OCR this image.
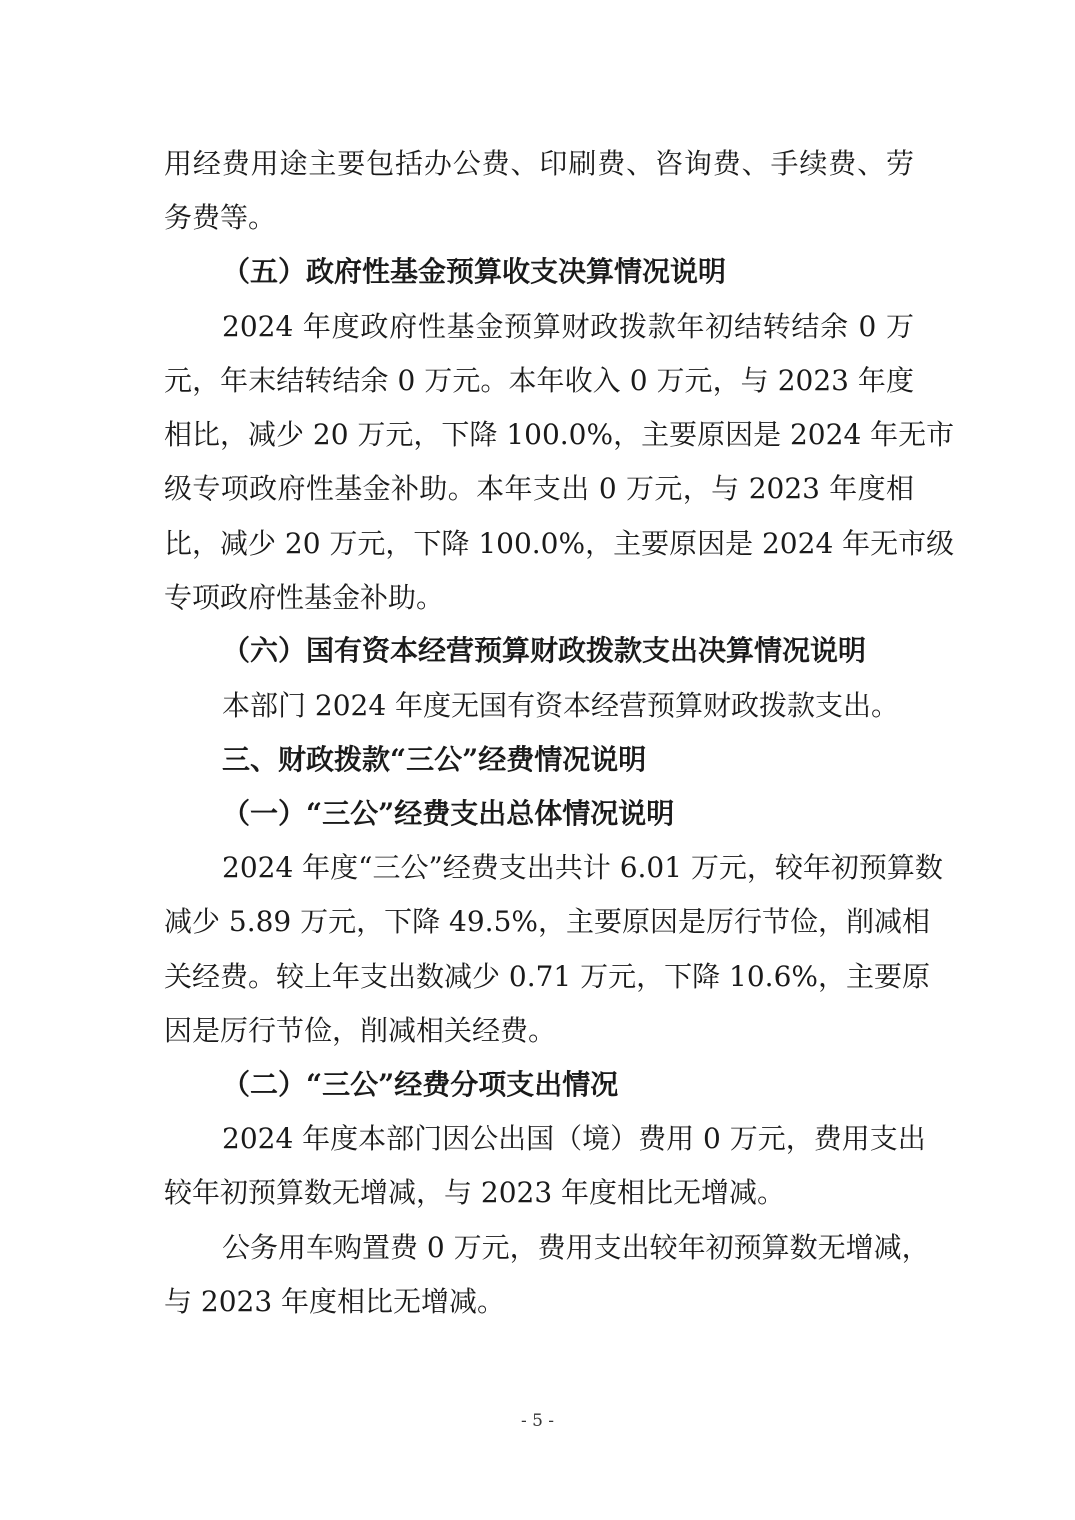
用经费用途主要包括办公费、印刷费、咨询费、手续费、劳
务费等。
（五）政府性基金预算收支决算情况说明
2024 年度政府性基金预算财政拨款年初结转结余 0 万
元，年末结转结余 0 万元。本年收入 0 万元，与 2023 年度
相比，减少 20 万元，下降 100.0%，主要原因是 2024 年无市
级专项政府性基金补助。本年支出 0 万元，与 2023 年度相
比，减少 20 万元，下降 100.0%，主要原因是 2024 年无市级
专项政府性基金补助。
（六）国有资本经营预算财政拨款支出决算情况说明
本部门 2024 年度无国有资本经营预算财政拨款支出。
三、财政拨款“三公”经费情况说明
（一）“三公”经费支出总体情况说明
2024 年度“三公”经费支出共计 6.01 万元，较年初预算数
减少 5.89 万元，下降 49.5%，主要原因是厉行节俭，削减相
关经费。较上年支出数减少 0.71 万元，下降 10.6%，主要原
因是厉行节俭，削减相关经费。
（二）“三公”经费分项支出情况
2024 年度本部门因公出国（境）费用 0 万元，费用支出
较年初预算数无增减，与 2023 年度相比无增减。
公务用车购置费 0 万元，费用支出较年初预算数无增减，
与 2023 年度相比无增减。
- 5 -
